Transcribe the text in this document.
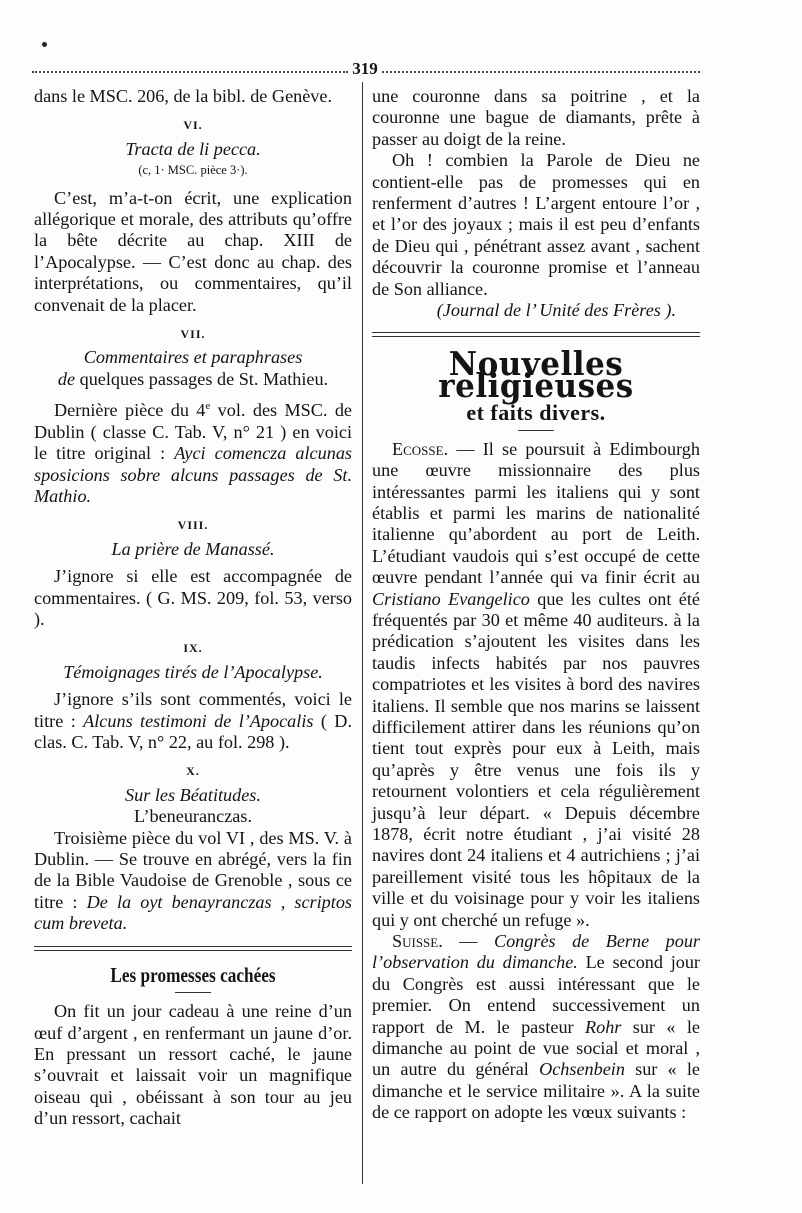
319

dans le MSC. 206, de la bibl. de Genève.

VI.

Tracta de li pecca.

(c, 1· MSC. pièce 3·).

C’est, m’a-t-on écrit, une explication allégorique et morale, des attributs qu’offre la bête décrite au chap. XIII de l’Apocalypse. — C’est donc au chap. des interprétations, ou commentaires, qu’il convenait de la placer.

VII.

Commentaires et paraphrases
de quelques passages de St. Mathieu.

Dernière pièce du 4e vol. des MSC. de Dublin ( classe C. Tab. V, n° 21 ) en voici le titre original : Ayci comencza alcunas sposicions sobre alcuns passages de St. Mathio.

VIII.

La prière de Manassé.

J’ignore si elle est accompagnée de commentaires. ( G. MS. 209, fol. 53, verso ).

IX.

Témoignages tirés de l’Apocalypse.

J’ignore s’ils sont commentés, voici le titre : Alcuns testimoni de l’Apocalis ( D. clas. C. Tab. V, n° 22, au fol. 298 ).

X.

Sur les Béatitudes.

L’beneuranczas.

Troisième pièce du vol VI , des MS. V. à Dublin. — Se trouve en abrégé, vers la fin de la Bible Vaudoise de Grenoble , sous ce titre : De la oyt benayranczas , scriptos cum breveta.

Les promesses cachées

On fit un jour cadeau à une reine d’un œuf d’argent , en renfermant un jaune d’or. En pressant un ressort caché, le jaune s’ouvrait et laissait voir un magnifique oiseau qui , obéissant à son tour au jeu d’un ressort, cachait

une couronne dans sa poitrine , et la couronne une bague de diamants, prête à passer au doigt de la reine.

Oh ! combien la Parole de Dieu ne contient-elle pas de promesses qui en renferment d’autres ! L’argent entoure l’or , et l’or des joyaux ; mais il est peu d’enfants de Dieu qui , pénétrant assez avant , sachent découvrir la couronne promise et l’anneau de Son alliance.

(Journal de l’ Unité des Frères ).

Nouvelles religieuses
et faits divers.

Ecosse. — Il se poursuit à Edimbourgh une œuvre missionnaire des plus intéressantes parmi les italiens qui y sont établis et parmi les marins de nationalité italienne qu’abordent au port de Leith. L’étudiant vaudois qui s’est occupé de cette œuvre pendant l’année qui va finir écrit au Cristiano Evangelico que les cultes ont été fréquentés par 30 et même 40 auditeurs. à la prédication s’ajoutent les visites dans les taudis infects habités par nos pauvres compatriotes et les visites à bord des navires italiens. Il semble que nos marins se laissent difficilement attirer dans les réunions qu’on tient tout exprès pour eux à Leith, mais qu’après y être venus une fois ils y retournent volontiers et cela régulièrement jusqu’à leur départ. « Depuis décembre 1878, écrit notre étudiant , j’ai visité 28 navires dont 24 italiens et 4 autrichiens ; j’ai pareillement visité tous les hôpitaux de la ville et du voisinage pour y voir les italiens qui y ont cherché un refuge ».

Suisse. — Congrès de Berne pour l’observation du dimanche. Le second jour du Congrès est aussi intéressant que le premier. On entend successivement un rapport de M. le pasteur Rohr sur « le dimanche au point de vue social et moral , un autre du général Ochsenbein sur « le dimanche et le service militaire ». A la suite de ce rapport on adopte les vœux suivants :
